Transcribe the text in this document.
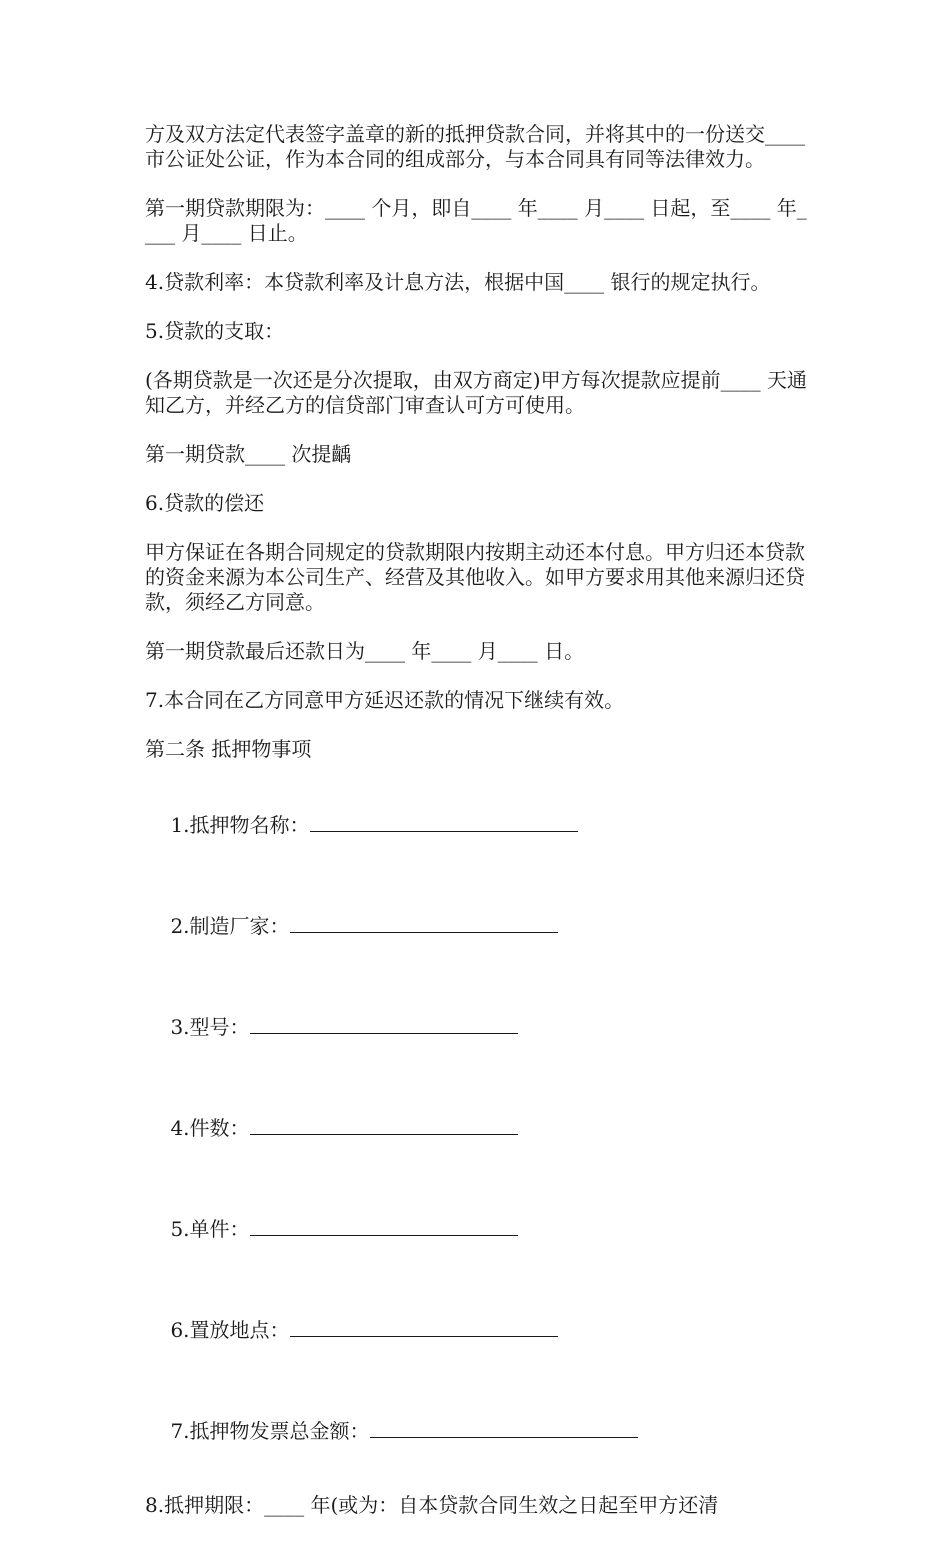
方及双方法定代表签字盖章的新的抵押贷款合同，并将其中的一份送交____ 市公证处公证，作为本合同的组成部分，与本合同具有同等法律效力。

第一期贷款期限为：____ 个月，即自____ 年____ 月____ 日起，至____ 年____ 月____ 日止。

4.贷款利率：本贷款利率及计息方法，根据中国____ 银行的规定执行。

5.贷款的支取：

(各期贷款是一次还是分次提取，由双方商定)甲方每次提款应提前____ 天通知乙方，并经乙方的信贷部门审查认可方可使用。

第一期贷款____ 次提齲

6.贷款的偿还

甲方保证在各期合同规定的贷款期限内按期主动还本付息。甲方归还本贷款的资金来源为本公司生产、经营及其他收入。如甲方要求用其他来源归还贷款，须经乙方同意。

第一期贷款最后还款日为____ 年____ 月____ 日。

7.本合同在乙方同意甲方延迟还款的情况下继续有效。

第二条 抵押物事项

1.抵押物名称：

2.制造厂家：

3.型号：

4.件数：

5.单件：

6.置放地点：

7.抵押物发票总金额：

8.抵押期限：____ 年(或为：自本贷款合同生效之日起至甲方还清
